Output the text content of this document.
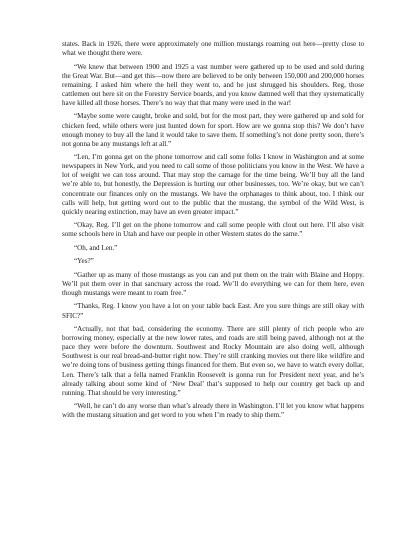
states. Back in 1926, there were approximately one million mustangs roaming out here—pretty close to what we thought there were.

“We knew that between 1900 and 1925 a vast number were gathered up to be used and sold during the Great War. But—and get this—now there are believed to be only between 150,000 and 200,000 horses remaining. I asked him where the hell they went to, and he just shrugged his shoulders. Reg, those cattlemen out here sit on the Forestry Service boards, and you know damned well that they systematically have killed all those horses. There’s no way that that many were used in the war!

“Maybe some were caught, broke and sold, but for the most part, they were gathered up and sold for chicken feed, while others were just hunted down for sport. How are we gonna stop this? We don’t have enough money to buy all the land it would take to save them. If something’s not done pretty soon, there’s not gonna be any mustangs left at all.”

“Len, I’m gonna get on the phone tomorrow and call some folks I know in Washington and at some newspapers in New York, and you need to call some of those politicians you know in the West. We have a lot of weight we can toss around. That may stop the carnage for the time being. We’ll buy all the land we’re able to, but honestly, the Depression is hurting our other businesses, too. We’re okay, but we can’t concentrate our finances only on the mustangs. We have the orphanages to think about, too. I think our calls will help, but getting word out to the public that the mustang, the symbol of the Wild West, is quickly nearing extinction, may have an even greater impact.”

“Okay, Reg. I’ll get on the phone tomorrow and call some people with clout out here. I’ll also visit some schools here in Utah and have our people in other Western states do the same.”

“Oh, and Len.”

“Yes?”

“Gather up as many of those mustangs as you can and put them on the train with Blaine and Hoppy. We’ll put them over in that sanctuary across the road. We’ll do everything we can for them here, even though mustangs were meant to roam free.”

“Thanks, Reg. I know you have a lot on your table back East. Are you sure things are still okay with SFIC?”

“Actually, not that bad, considering the economy. There are still plenty of rich people who are borrowing money, especially at the new lower rates, and roads are still being paved, although not at the pace they were before the downturn. Southwest and Rocky Mountain are also doing well, although Southwest is our real bread-and-butter right now. They’re still cranking movies out there like wildfire and we’re doing tons of business getting things financed for them. But even so, we have to watch every dollar, Len. There’s talk that a fella named Franklin Roosevelt is gonna run for President next year, and he’s already talking about some kind of ‘New Deal’ that’s supposed to help our country get back up and running. That should be very interesting.”

“Well, he can’t do any worse than what’s already there in Washington. I’ll let you know what happens with the mustang situation and get word to you when I’m ready to ship them.”
